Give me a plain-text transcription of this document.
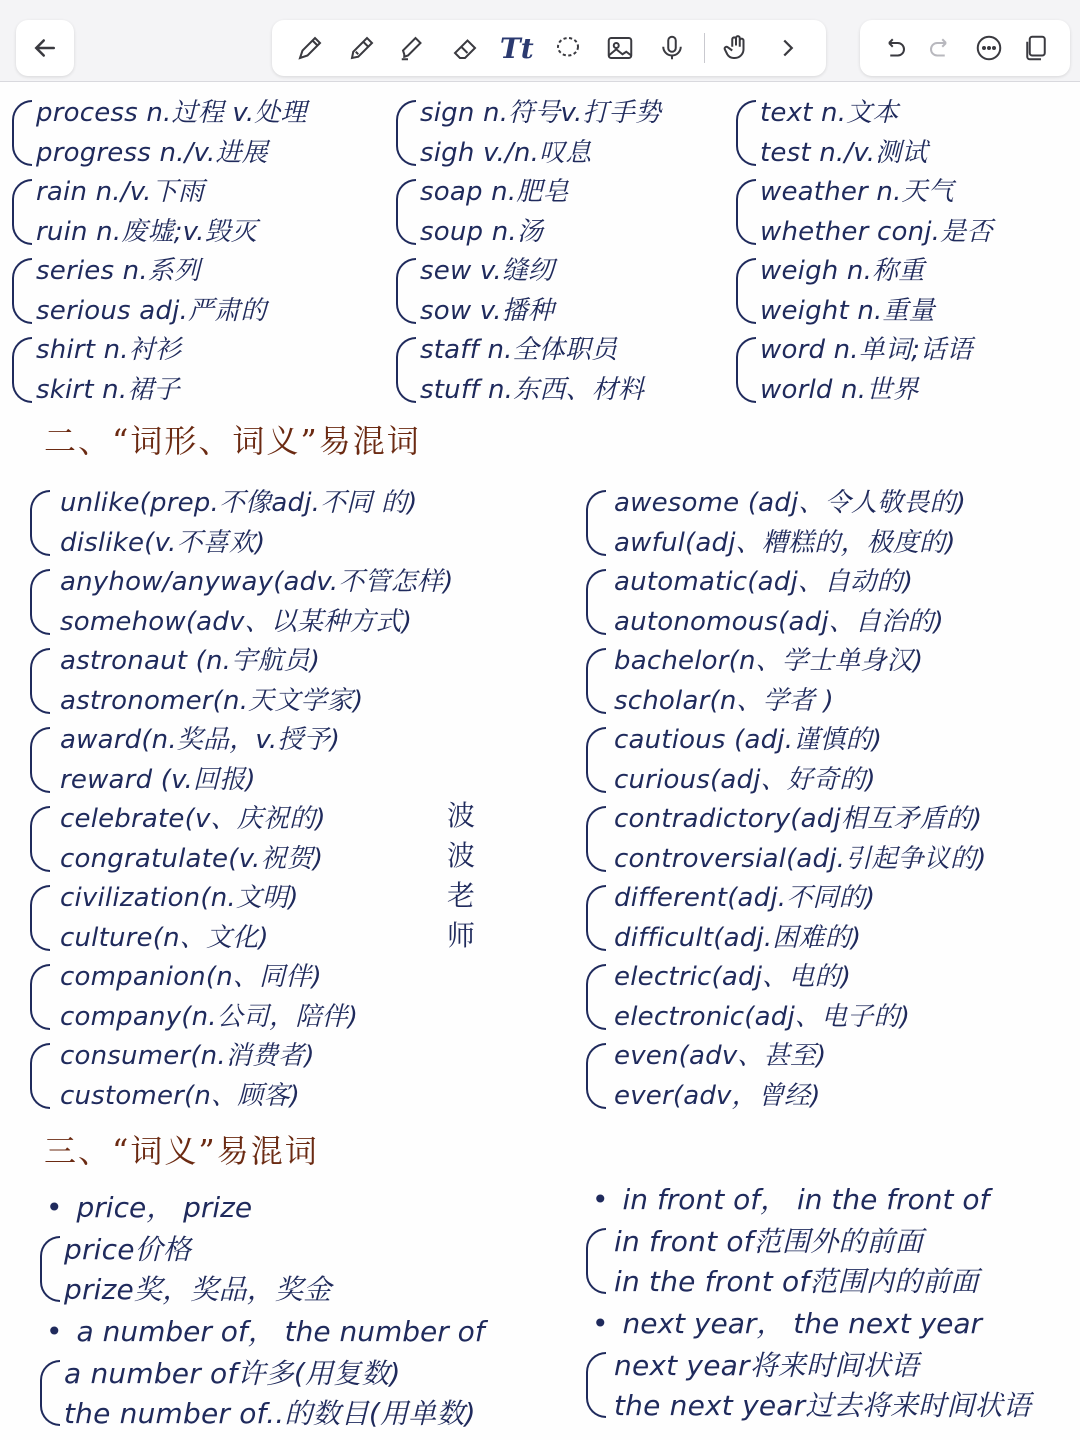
Tt
process n.过程 v.处理
progress n./v.进展
rain n./v.下雨
ruin n.废墟;v.毁灭
series n.系列
serious adj.严肃的
shirt n.衬衫
skirt n.裙子
sign n.符号v.打手势
sigh v./n.叹息
soap n.肥皂
soup n.汤
sew v.缝纫
sow v.播种
staff n.全体职员
stuff n.东西、材料
text n.文本
test n./v.测试
weather n.天气
whether conj.是否
weigh n.称重
weight n.重量
word n.单词;话语
world n.世界
二、“词形、词义”易混词
unlike(prep.不像adj.不同 的)
dislike(v.不喜欢)
anyhow/anyway(adv.不管怎样)
somehow(adv、以某种方式)
astronaut (n.宇航员)
astronomer(n.天文学家)
award(n.奖品，v.授予)
reward (v.回报)
celebrate(v、庆祝的)
congratulate(v.祝贺)
civilization(n.文明)
culture(n、文化)
companion(n、同伴)
company(n.公司，陪伴)
consumer(n.消费者)
customer(n、顾客)
波
波
老
师
awesome (adj、令人敬畏的)
awful(adj、糟糕的，极度的)
automatic(adj、自动的)
autonomous(adj、自治的)
bachelor(n、学士单身汉)
scholar(n、学者 )
cautious (adj.谨慎的)
curious(adj、好奇的)
contradictory(adj相互矛盾的)
controversial(adj.引起争议的)
different(adj.不同的)
difficult(adj.困难的)
electric(adj、电的)
electronic(adj、电子的)
even(adv、甚至)
ever(adv，曾经)
三、“词义”易混词
• price， prize
price价格
prize奖，奖品，奖金
• a number of， the number of
a number of许多(用复数)
the number of..的数目(用单数)
• in front of， in the front of
in front of范围外的前面
in the front of范围内的前面
• next year， the next year
next year将来时间状语
the next year过去将来时间状语
